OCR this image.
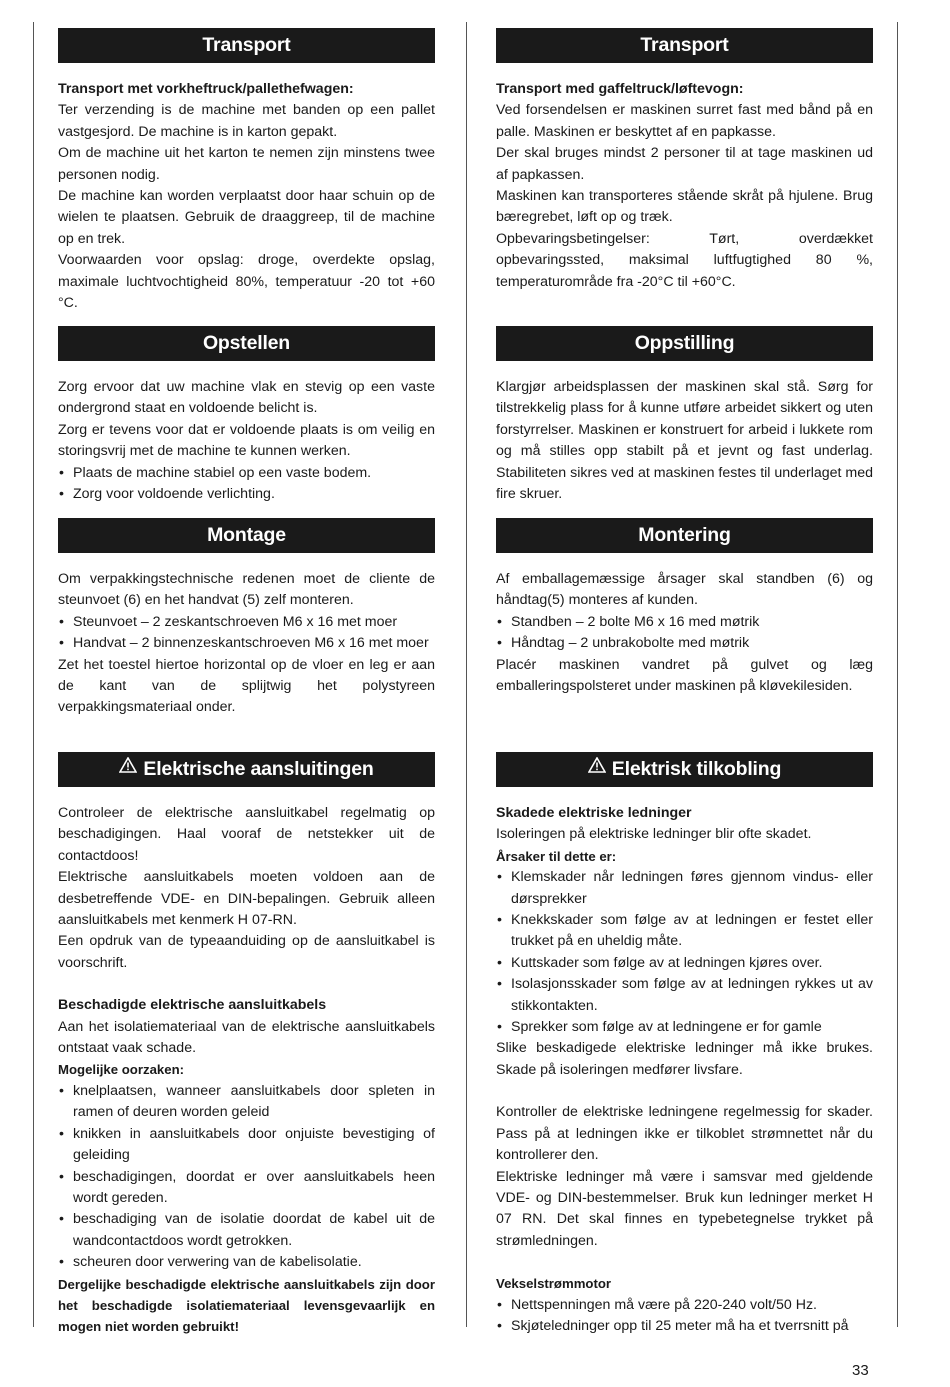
Transport

Transport met vorkheftruck/pallethefwagen:

Ter verzending is de machine met banden op een pallet vastgesjord. De machine is in karton gepakt.

Om de machine uit het karton te nemen zijn minstens twee personen nodig.

De machine kan worden verplaatst door haar schuin op de wielen te plaatsen. Gebruik de draaggreep, til de machine op en trek.

Voorwaarden voor opslag: droge, overdekte opslag, maximale luchtvochtigheid 80%, temperatuur -20 tot +60 °C.

Opstellen

Zorg ervoor dat uw machine vlak en stevig op een vaste ondergrond staat en voldoende belicht is.

Zorg er tevens voor dat er voldoende plaats is om veilig en storingsvrij met de machine te kunnen werken.

• Plaats de machine stabiel op een vaste bodem.
• Zorg voor voldoende verlichting.
Montage

Om verpakkingstechnische redenen moet de cliente de steunvoet (6) en het handvat (5) zelf monteren.

• Steunvoet – 2 zeskantschroeven M6 x 16 met moer
• Handvat – 2 binnenzeskantschroeven M6 x 16 met moer

Zet het toestel hiertoe horizontal op de vloer en leg er aan de kant van de splijtwig het polystyreen verpakkingsmateriaal onder.

Elektrische aansluitingen

Controleer de elektrische aansluitkabel regelmatig op beschadigingen. Haal vooraf de netstekker uit de contactdoos!

Elektrische aansluitkabels moeten voldoen aan de desbetreffende VDE- en DIN-bepalingen. Gebruik alleen aansluitkabels met kenmerk H 07-RN.

Een opdruk van de typeaanduiding op de aansluitkabel is voorschrift.

Beschadigde elektrische aansluitkabels

Aan het isolatiemateriaal van de elektrische aansluitkabels ontstaat vaak schade.

Mogelijke oorzaken:

• knelplaatsen, wanneer aansluitkabels door spleten in ramen of deuren worden geleid
• knikken in aansluitkabels door onjuiste bevestiging of geleiding
• beschadigingen, doordat er over aansluitkabels heen wordt gereden.
• beschadiging van de isolatie doordat de kabel uit de wandcontactdoos wordt getrokken.
• scheuren door verwering van de kabelisolatie.

Dergelijke beschadigde elektrische aansluitkabels zijn door het beschadigde isolatiemateriaal levensgevaarlijk en mogen niet worden gebruikt!

Transport

Transport med gaffeltruck/løftevogn:

Ved forsendelsen er maskinen surret fast med bånd på en palle. Maskinen er beskyttet af en papkasse.

Der skal bruges mindst 2 personer til at tage maskinen ud af papkassen.

Maskinen kan transporteres stående skråt på hjulene. Brug bæregrebet, løft op og træk.

Opbevaringsbetingelser: Tørt, overdækket opbevaringssted, maksimal luftfugtighed 80 %, temperaturområde fra -20°C til +60°C.

Oppstilling

Klargjør arbeidsplassen der maskinen skal stå. Sørg for tilstrekkelig plass for å kunne utføre arbeidet sikkert og uten forstyrrelser. Maskinen er konstruert for arbeid i lukkete rom og må stilles opp stabilt på et jevnt og fast underlag. Stabiliteten sikres ved at maskinen festes til underlaget med fire skruer.

Montering

Af emballagemæssige årsager skal standben (6) og håndtag(5) monteres af kunden.

• Standben – 2 bolte M6 x 16 med møtrik
• Håndtag – 2 unbrakobolte med møtrik

Placér maskinen vandret på gulvet og læg emballeringspolsteret under maskinen på kløvekilesiden.

Elektrisk tilkobling

Skadede elektriske ledninger

Isoleringen på elektriske ledninger blir ofte skadet.

Årsaker til dette er:

• Klemskader når ledningen føres gjennom vindus- eller dørsprekker
• Knekkskader som følge av at ledningen er festet eller trukket på en uheldig måte.
• Kuttskader som følge av at ledningen kjøres over.
• Isolasjonsskader som følge av at ledningen rykkes ut av stikkontakten.
• Sprekker som følge av at ledningene er for gamle

Slike beskadigede elektriske ledninger må ikke brukes. Skade på isoleringen medfører livsfare.

Kontroller de elektriske ledningene regelmessig for skader. Pass på at ledningen ikke er tilkoblet strømnettet når du kontrollerer den.

Elektriske ledninger må være i samsvar med gjeldende VDE- og DIN-bestemmelser. Bruk kun ledninger merket H 07 RN. Det skal finnes en typebetegnelse trykket på strømledningen.

Vekselstrømmotor

• Nettspenningen må være på 220-240 volt/50 Hz.
• Skjøteledninger opp til 25 meter må ha et tverrsnitt på
33
